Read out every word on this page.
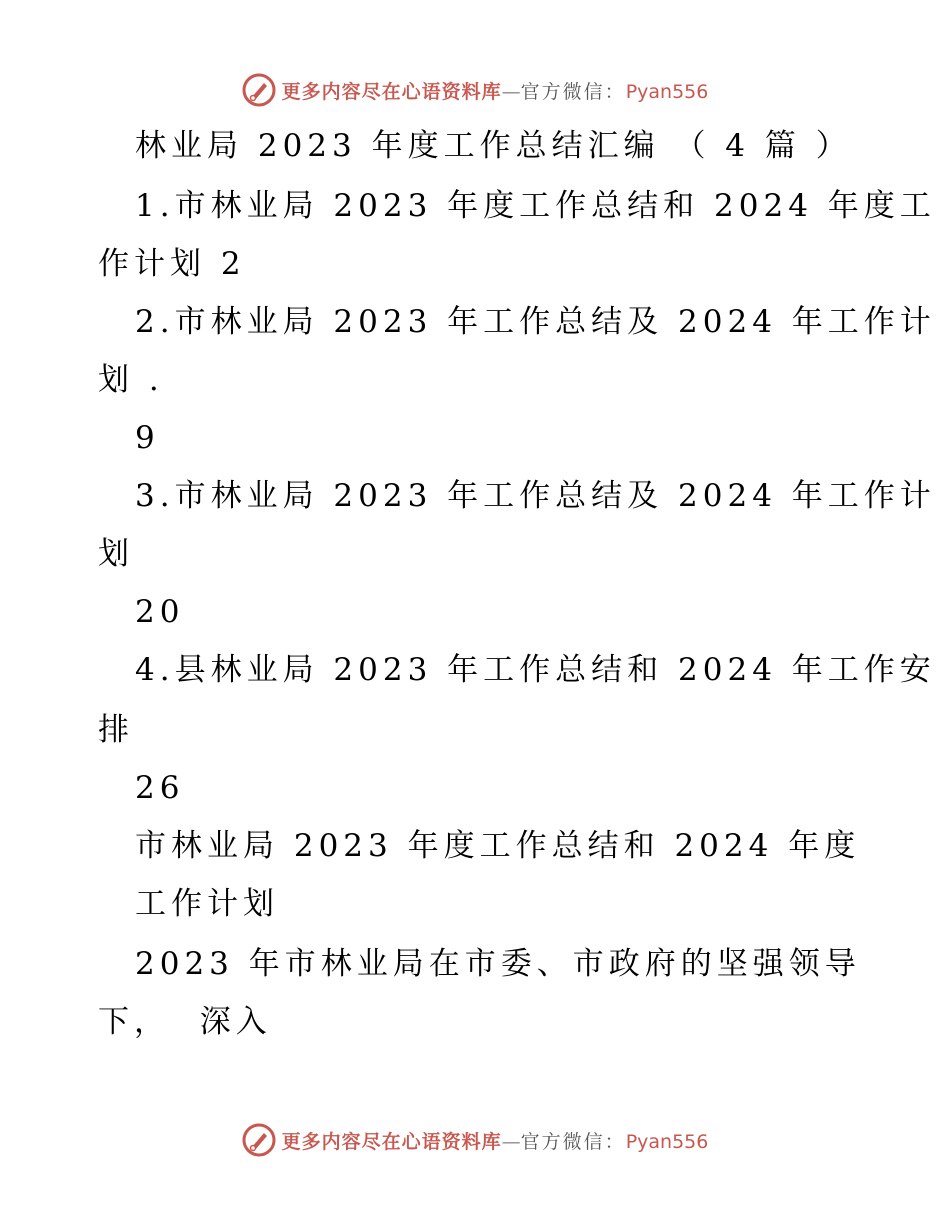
更多内容尽在心语资料库—官方微信：Pyan556
林业局 2023 年度工作总结汇编 （ 4 篇 ）
1.市林业局 2023 年度工作总结和 2024 年度工
作计划 2
2.市林业局 2023 年工作总结及 2024 年工作计
划 .
9
3.市林业局 2023 年工作总结及 2024 年工作计
划
20
4.县林业局 2023 年工作总结和 2024 年工作安
排
26
市林业局 2023 年度工作总结和 2024 年度
工作计划
2023 年市林业局在市委、市政府的坚强领导
下，  深入
更多内容尽在心语资料库—官方微信：Pyan556
